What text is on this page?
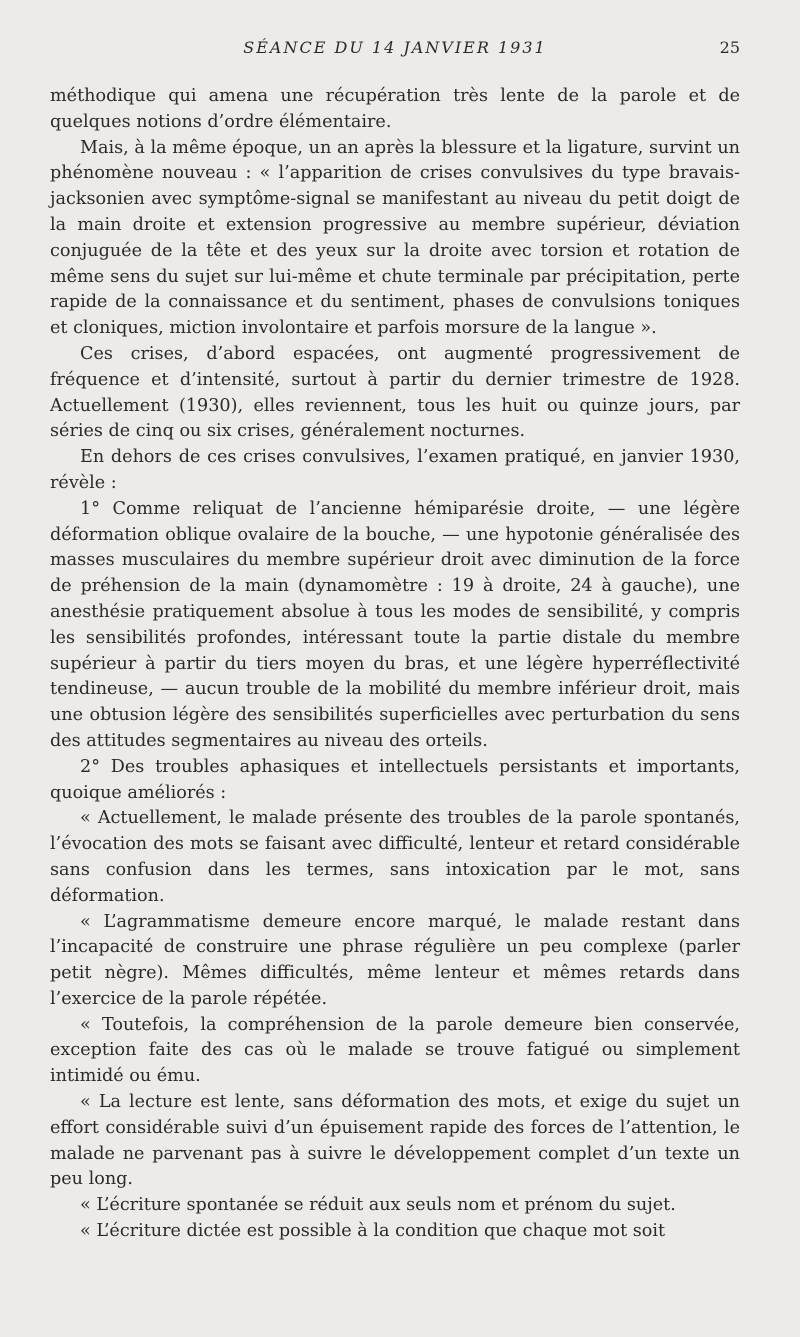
SÉANCE DU 14 JANVIER 1931	25

méthodique qui amena une récupération très lente de la parole et de quelques notions d’ordre élémentaire.

Mais, à la même époque, un an après la blessure et la ligature, survint un phénomène nouveau : « l’apparition de crises convulsives du type bravais-jacksonien avec symptôme-signal se manifestant au niveau du petit doigt de la main droite et extension progressive au membre supérieur, déviation conjuguée de la tête et des yeux sur la droite avec torsion et rotation de même sens du sujet sur lui-même et chute terminale par précipitation, perte rapide de la connaissance et du sentiment, phases de convulsions toniques et cloniques, miction involontaire et parfois morsure de la langue ».

Ces crises, d’abord espacées, ont augmenté progressivement de fréquence et d’intensité, surtout à partir du dernier trimestre de 1928. Actuellement (1930), elles reviennent, tous les huit ou quinze jours, par séries de cinq ou six crises, généralement nocturnes.

En dehors de ces crises convulsives, l’examen pratiqué, en janvier 1930, révèle :

1° Comme reliquat de l’ancienne hémiparésie droite, — une légère déformation oblique ovalaire de la bouche, — une hypotonie généralisée des masses musculaires du membre supérieur droit avec diminution de la force de préhension de la main (dynamomètre : 19 à droite, 24 à gauche), une anesthésie pratiquement absolue à tous les modes de sensibilité, y compris les sensibilités profondes, intéressant toute la partie distale du membre supérieur à partir du tiers moyen du bras, et une légère hyperréflectivité tendineuse, — aucun trouble de la mobilité du membre inférieur droit, mais une obtusion légère des sensibilités superficielles avec perturbation du sens des attitudes segmentaires au niveau des orteils.

2° Des troubles aphasiques et intellectuels persistants et importants, quoique améliorés :

« Actuellement, le malade présente des troubles de la parole spontanés, l’évocation des mots se faisant avec difficulté, lenteur et retard considérable sans confusion dans les termes, sans intoxication par le mot, sans déformation.

« L’agrammatisme demeure encore marqué, le malade restant dans l’incapacité de construire une phrase régulière un peu complexe (parler petit nègre). Mêmes difficultés, même lenteur et mêmes retards dans l’exercice de la parole répétée.

« Toutefois, la compréhension de la parole demeure bien conservée, exception faite des cas où le malade se trouve fatigué ou simplement intimidé ou ému.

« La lecture est lente, sans déformation des mots, et exige du sujet un effort considérable suivi d’un épuisement rapide des forces de l’attention, le malade ne parvenant pas à suivre le développement complet d’un texte un peu long.

« L’écriture spontanée se réduit aux seuls nom et prénom du sujet.

« L’écriture dictée est possible à la condition que chaque mot soit
